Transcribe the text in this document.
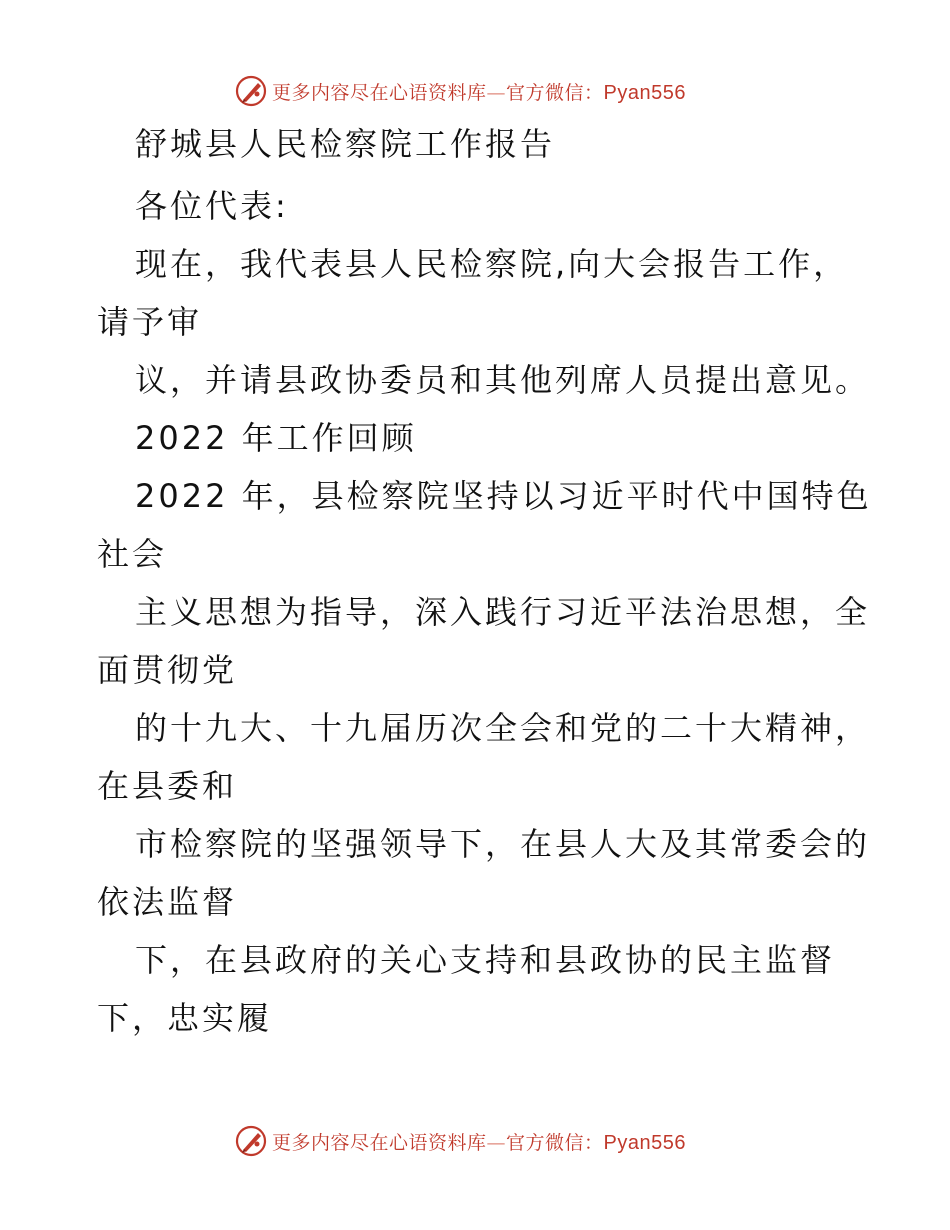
更多内容尽在心语资料库—官方微信：Pyan556
舒城县人民检察院工作报告
各位代表:
现在，我代表县人民检察院,向大会报告工作，
请予审
议，并请县政协委员和其他列席人员提出意见。
2022 年工作回顾
2022 年，县检察院坚持以习近平时代中国特色
社会
主义思想为指导，深入践行习近平法治思想，全
面贯彻党
的十九大、十九届历次全会和党的二十大精神，
在县委和
市检察院的坚强领导下，在县人大及其常委会的
依法监督
下，在县政府的关心支持和县政协的民主监督
下，忠实履
更多内容尽在心语资料库—官方微信：Pyan556
